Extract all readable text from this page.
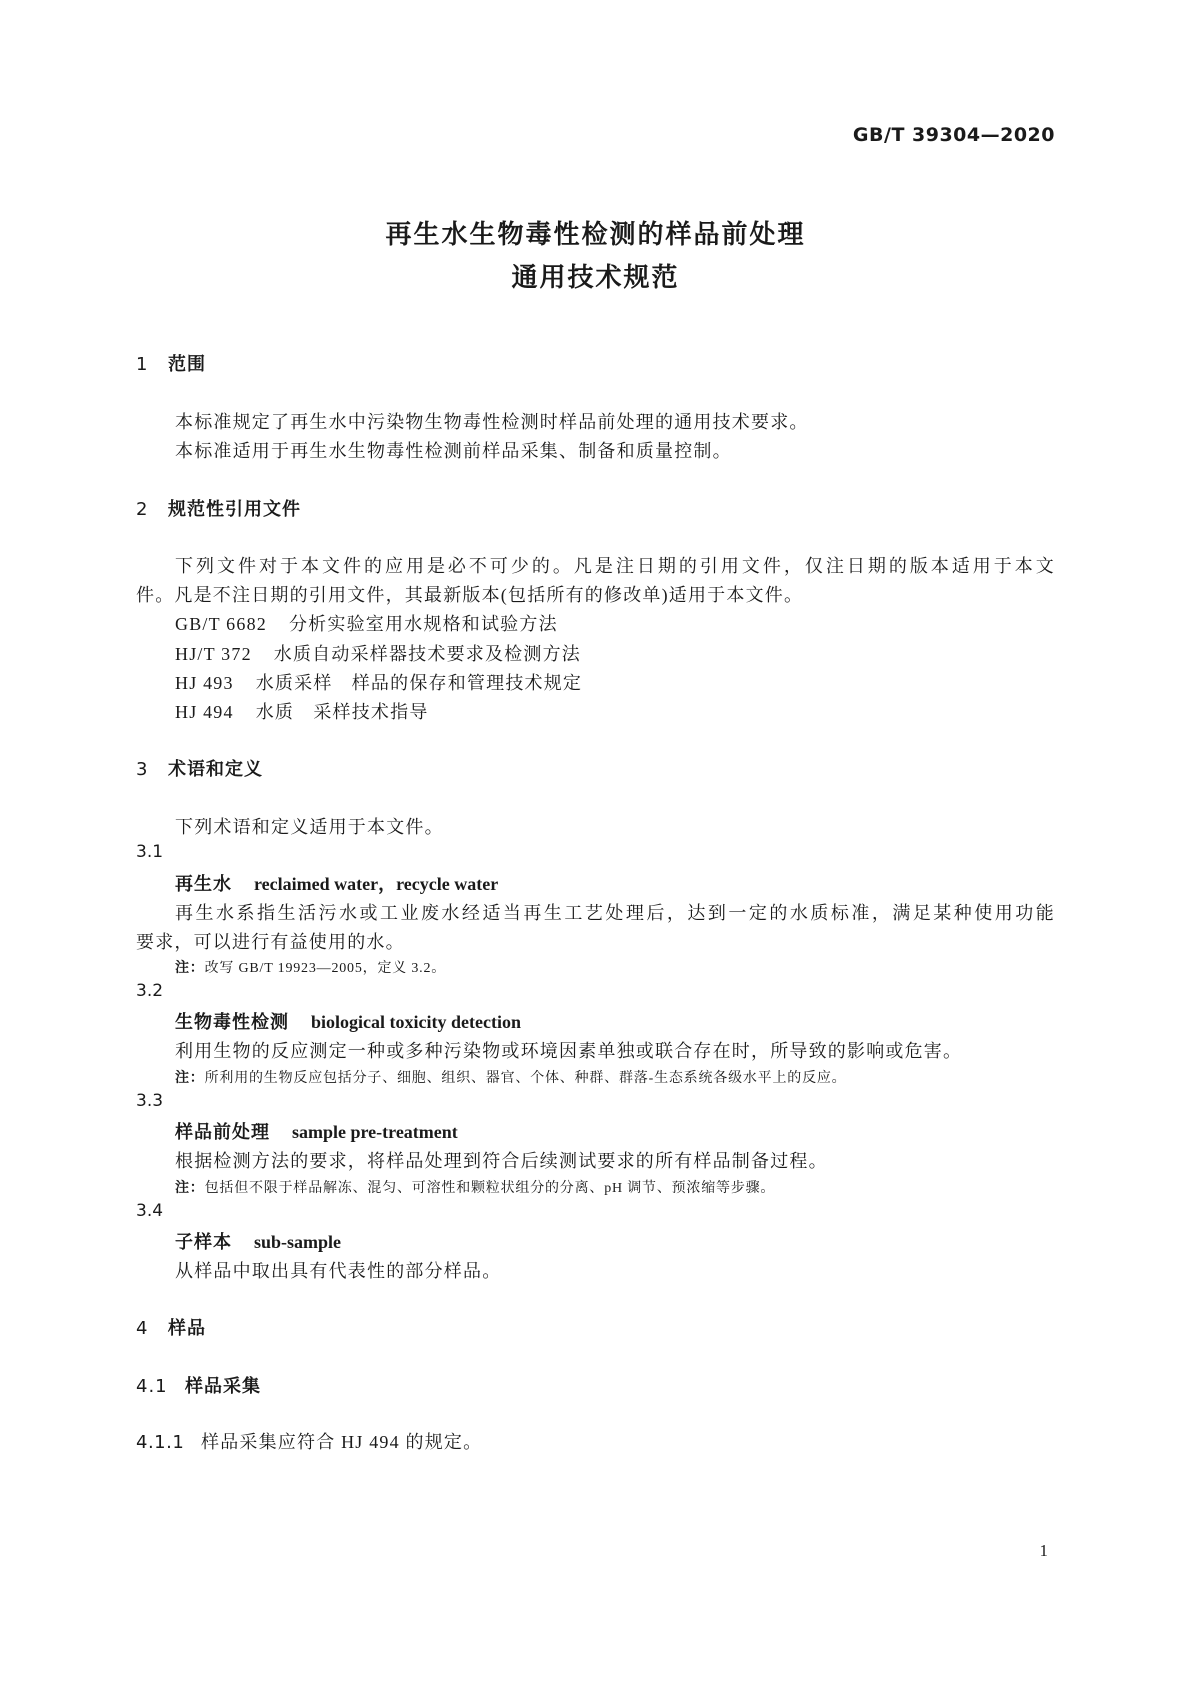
GB/T 39304—2020
再生水生物毒性检测的样品前处理
通用技术规范
1 范围
本标准规定了再生水中污染物生物毒性检测时样品前处理的通用技术要求。
本标准适用于再生水生物毒性检测前样品采集、制备和质量控制。
2 规范性引用文件
下列文件对于本文件的应用是必不可少的。凡是注日期的引用文件，仅注日期的版本适用于本文
件。凡是不注日期的引用文件，其最新版本(包括所有的修改单)适用于本文件。
GB/T 6682 分析实验室用水规格和试验方法
HJ/T 372 水质自动采样器技术要求及检测方法
HJ 493 水质采样　样品的保存和管理技术规定
HJ 494 水质　采样技术指导
3 术语和定义
下列术语和定义适用于本文件。
3.1
再生水 reclaimed water，recycle water
再生水系指生活污水或工业废水经适当再生工艺处理后，达到一定的水质标准，满足某种使用功能
要求，可以进行有益使用的水。
注：改写 GB/T 19923—2005，定义 3.2。
3.2
生物毒性检测 biological toxicity detection
利用生物的反应测定一种或多种污染物或环境因素单独或联合存在时，所导致的影响或危害。
注：所利用的生物反应包括分子、细胞、组织、器官、个体、种群、群落-生态系统各级水平上的反应。
3.3
样品前处理 sample pre-treatment
根据检测方法的要求，将样品处理到符合后续测试要求的所有样品制备过程。
注：包括但不限于样品解冻、混匀、可溶性和颗粒状组分的分离、pH 调节、预浓缩等步骤。
3.4
子样本 sub-sample
从样品中取出具有代表性的部分样品。
4 样品
4.1 样品采集
4.1.1 样品采集应符合 HJ 494 的规定。
1
